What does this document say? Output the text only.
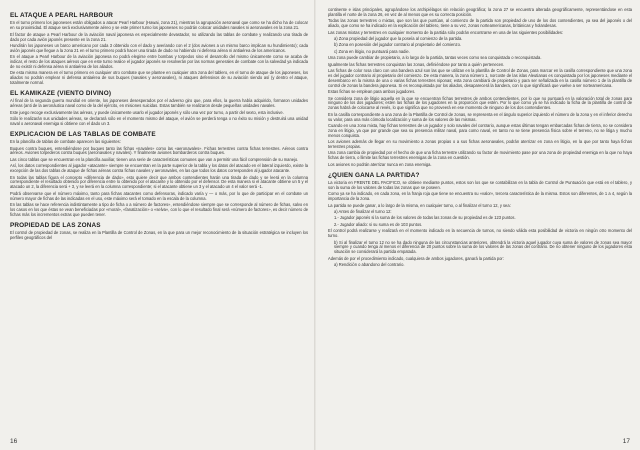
EL ATAQUE A PEARL HARBOUR

En el turno primero los japoneses están obligados a atacar Pearl Harbour (Hawai, zona 21), mientras la agrupación aeronaval que como se ha dicho ha de colocar en su proximidad. El ataque será exclusivamente aéreo y se este primer turno los japoneses no podrán colocar unidades navales ni aeronavales en la zona 21.

El factor de ataque a Pearl Harbour de la aviación naval japonesa es especialmente devastador, no utilizando las tablas de combate y realizando una tirada de dado por cada avión japonés presente en la zona 21.

Hundirán los japoneses un barco americano por cada 3 obtenido con el dado y averiando con el 2 (dos aviones a un mismo barco implican su hundimiento); cada avión japonés que llegue a la zona 21 en el turno primero podrá hacer una tirada de dado no habiendo ni defensa aérea ni antiaérea de los americanos.

En el ataque a Pearl Harbour de la aviación japonesa no podrá elegirse entre bombas y torpedos sino el desarrollo del mismo únicamente como se acaba de indicar, el resto de los ataques aéreos que en este turno realice el jugador japonés se resolverán por las normas generales de combate con la salvedad ya indicada de no existir ni defensa aérea ni antiaérea de los aliados.

De esta misma manera en el turno primero en cualquier otro combate que se plantee en cualquier otra zona del tablero, en el turno de ataque de los japoneses, los aliados no podrán emplear ni defensa antiaérea de sus buques (navales y aeronavales), ni ataques defensivos de su aviación siendo así (y dentro el ataque, totalmente normal.

EL KAMIKAZE (VIENTO DIVINO)

Al final de la segunda guerra mundial en oriente, los japoneses desesperados por el adverso giro que, para ellos, la guerra había adquirido, formaron unidades aéreas (anti de la aeronáutica naval como de la del ejército, en misiones suicidas. Estas también se realizaron desde pequeñas unidades navales.

Este juego recoge exclusivamente las aéreas, y puede únicamente usarlo el jugador japonés y sólo una vez por turno, a partir del sexto, esta inclusive.

Sólo le realizarán sus unidades aéreas, se declarará sólo en el momento mismo del ataque, el avión se perderá tenga o no éxito su misión y destruirá una unidad naval o aeronaval enemiga si obtiene con el dado un 3.

EXPLICACION DE LAS TABLAS DE COMBATE

En la plancilla de tablas de combate aparecen las siguientes:

Buques contra buques, entendiéndose por buques tanto las fichas «navales» como las «aeronavales». Fichas terrestres contra fichas terrestres. Aéreos contra aéreos. Aviones torpederos contra buques (aeronavales y navales). Y finalmente aviones bombarderos contra buques.

Las cinco tablas que se encuentran en la plancilla auxiliar, tienen una serie de características comunes que van a permitir una fácil comprensión de su manejo.

Así, los datos correspondientes al jugador «atacante» siempre se encuentran en la parte superior de la tabla y los datos del atacado en el lateral izquierdo, existe la excepción de las dos tablas de ataque de fichas aéreas contra fichas navales y aeronavales, en las que todos los datos corresponden al jugador atacante.

En todas las tablas figura el concepto «diferencia de dado», esto quiere decir que ambos contendientes harán una tirada de dado y se leerá en la columna correspondiente el resultado obtenido por diferencia entre lo obtenido por el atacante y lo obtenido por el defensor. De esta manera si el atacante obtiene un 5 y el atacado un 2, la diferencia será + 3, y se leerá en la columna correspondiente; si el atacante obtiene un 3 y el atacado un 4 el valor será -1.

Podrá observarse que el número máximo, tanto para fichas atacantes como defensoras, indicado varía y — o más, por lo que de participar en el combate un número mayor de fichas de las indicadas en el uso, este máximo será el tomado en la escala de la columna.

En las tablas se hace referencia indistintamente a tipo de ficha o a número de factores», entendiéndose siempre que se corresponde al número de fichas, salvo en los casos en los que éstas se vean beneficiadas por «moral», «fanatización» o «selva», con lo que el resultado final será «número de factores», es decir número de fichas más los incrementos extras que pueden tener.

PROPIEDAD DE LAS ZONAS

El control de propiedad de zonas, se realiza en la Plantilla de Control de Zonas, en la que para un mejor reconocimiento de la situación estratégica se incluyen los perfiles geográficos del

16

continente e islas principales, agrupándose los archipiélagos sin relación geográfica; la zona 27 se encuentra alterada geográficamente, representándose en esta plantilla el norte de la zona 26, en vez de al menos que es su correcta posición.

Todas las zonas terrestres o mixtas, que son las que puntúan, al comienzo de la partida son propiedad de uno de los dos contendientes, ya sea del japonés o del aliado, que como se ha indicado en la explicación del tablero, tiene a su vez, zonas norteamericanas, británicas y holandesas.

Las zonas mixtas y terrestres en cualquier momento de la partida sólo podrán encontrarse en una de las siguientes posibilidades:

a) Zona propiedad del jugador que la poseía al comienzo de la partida.

b) Zona en posesión del jugador contrario al propietario del comienzo.

c) Zona en litigio, no puntuará para nadie.

Una zona puede cambiar de propietario, a lo largo de la partida, tantas veces como sea conquistada o reconquistada.

Igualmente las fichas terrestres conquistan las zonas, definiéndose por tanto a quién pertenecen.

Las fichas de color rosa claro con una bandera azul son las que se utilizan en la plantilla de Control de Zonas, para marcar en la casilla correspondiente que una zona es del jugador contrario al propietario del comienzo. De esta manera, la zona número 1, norcoste de las islas Aleutianas es conquistada por los japoneses mediante el desembarco en la misma de una o varias fichas terrestres niponas; esta zona cambiará de propietario y para ser señalizada en la casilla número 1 de la plantilla de control de zonas la bandera japonesa. Si es reconquistada por los aliados, desaparecerá la bandera, con lo que significará que vuelve a ser norteamericana.

Estas fichas se emplean para ambos jugadores.

Se considera zona de litigio aquella en la que se encuentran fichas terrestres de ambos contendientes, por lo que no puntuará en la valoración total de zonas para ninguno de los dos jugadores; estén las fichas de los jugadores en la proporción que estén. Por lo que como ya se ha indicado la ficha de la plantilla de control de zonas habrá de colocarse al revés, lo que significa que no proveerá en ese momento de ninguno de los dos contendientes.

En la casilla correspondiente a una zona de la Plantilla de Control de zonas, se representa en el ángulo superior izquierdo el número de la zona y en el inferior derecho su valor, para una más cómoda localización y suma de los valores de las mismas.

Cuando en una zona mixta, hay fichas terrestres de un jugador y solo navales del contrario, aunque estas últimas tengan embarcadas fichas de tierra, no se considera zona en litigio, ya que por grande que sea su presencia militar naval, para como naval, en tanto no se tiene presencia física sobre el terreno, no se litiga y mucho menos conquista.

Los aviones además de llegar en su movimiento a zonas propias o a sus fichas aeronavales, podrán aterrizar en zona en litigio, en la que por tanto haya fichas terrestres propias.

Una zona cambia de propiedad por el hecho de que una ficha terrestre utilizando su factor de movimiento pase por una zona de propiedad enemiga en la que no haya fichas de tierra, o llimite las fichas terrestres enemigas de la zona en cuestión.

Los aviones no podrán aterrizar nunca en zona enemiga.

¿QUIEN GANA LA PARTIDA?

La victoria en FRENTE DEL PACIFICO, se obtiene mediante puntos, estos son los que se contabilizan en la tabla de Control de Puntuación que está en el tablero, y son la suma de los valores de todas las zonas que se poseen.

Como ya se ha indicado, en cada zona, en la franja roja que tiene se encuentra su «valor», tercera característica de la misma. Estos son diferentes, de 1 a 4, según la importancia de la zona.

La partida se puede ganar, a lo largo de la misma, en cualquier turno, o al finalizar el turno 12, y sea:

a) Antes de finalizar el turno 12:

1.- Jugador japonés si la suma de los valores de todas las zonas de su propiedad es de 123 puntos.

2.- Jugador aliado: si su suma es de 103 puntos.

El control podrá realizarse y realizará en el momento indicado en la secuencia de turnos, no siendo válida esta posibilidad de victoria en ningún otro momento del turno.

b) Si al finalizar el turno 12 no se ha dado ninguna de las circunstancias anteriores, obtendrá la victoria aquel jugador cuya suma de valores de zonas sea mayor siempre y cuando tenga al menos el diferencia de 20 puntos sobre la suma de los valores de las zonas del contrario. De no obtener ninguno de los jugadores esta situación se considerará la partida empatada.

Además de por el procedimiento indicado, cualquiera de ambos jugadores, ganará la partida por:

a) Rendición o abandono del contrario.

17
